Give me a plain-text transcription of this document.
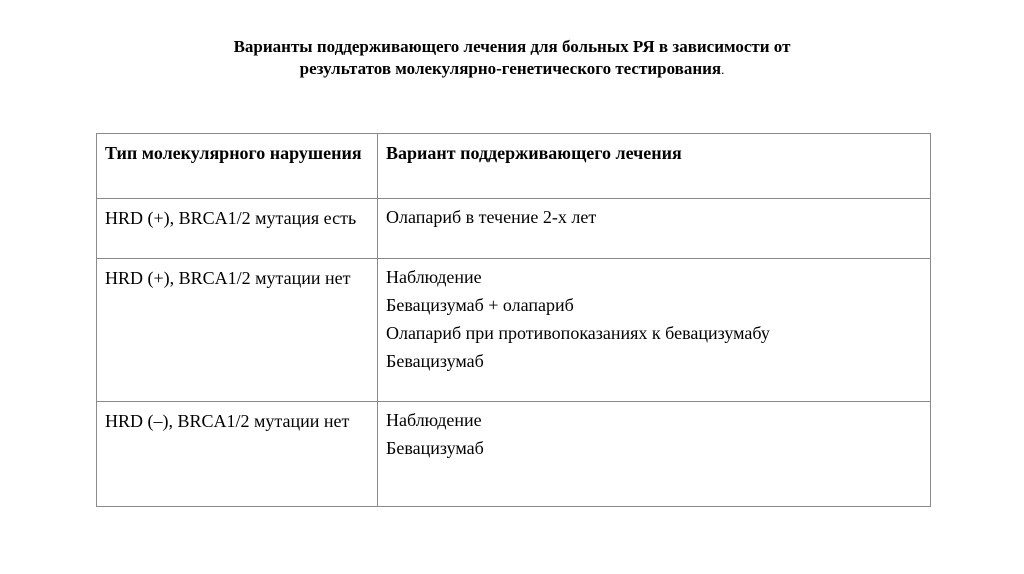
Варианты поддерживающего лечения для больных РЯ в зависимости от
результатов молекулярно-генетического тестирования.
Тип молекулярного нарушения	Вариант поддерживающего лечения
HRD (+), BRCA1/2 мутация есть	Олапариб в течение 2-х лет

HRD (+), BRCA1/2 мутации нет	Наблюдение
Бевацизумаб + олапариб
Олапариб при противопоказаниях к бевацизумабу
Бевацизумаб

HRD (–), BRCA1/2 мутации нет	Наблюдение
Бевацизумаб
